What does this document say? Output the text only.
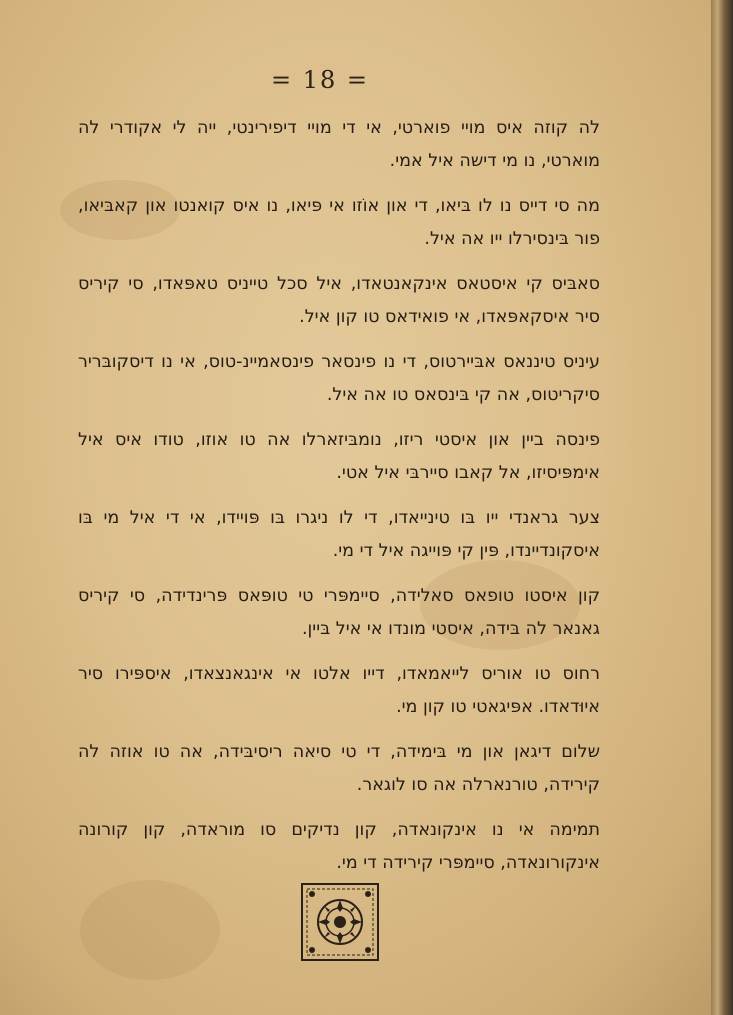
= 18 =

לה קוזה איס מויי פוארטי, אי די מויי דיפירינטי, ייה לי אקודרי לה מוארטי, נו מי דישה איל אמי.

מה סי דייס נו לו בּיאו, די און אוֹזו אי פּיאו, נו איס קואנטו און קאבּיאו, פור בּינסירלו ייו אה איל.

סאבּיס קי איסטאס אינקאנטאדו, איל סכל טייניס טאפּאדו, סי קיריס סיר איסקאפּאדו, אי פואידאס טו קון איל.

עיניס טיננאס אבּיירטוס, די נו פינסאר פינסאמיינ-טוס, אי נו דיסקובּריר סיקריטוס, אה קי בּינסאס טו אה איל.

פינסה ביין און איסטי ריזו, נומבּיזארלו אה טו אוזו, טודו איס איל אימפּיסיזו, אל קאבו סיירבּי איל אטי.

צער גראנדי ייו בּו טינייאדו, די לו ניגרו בּו פּויידו, אי די איל מי בּו איסקונדיינדו, פּין קי פּוייגה איל די מי.

קון איסטו טופאס סאלידה, סיימפּרי טי טופּאס פּרינדידה, סי קיריס גאנאר לה בּידה, איסטי מונדו אי איל בּיין.

רחוס טו אוריס לייאמאדו, דייו אלטו אי אינגאנצאדו, איספּירו סיר איוּדאדו. אפּיגאטי טו קון מי.

שלום דיגאן און מי בּימידה, די טי סיאה ריסיבּידה, אה טו אוזה לה קירידה, טורנארלה אה סו לוגאר.

תמימה אי נו אינקונאדה, קון נדיקים סו מוראדה, קון קורונה אינקורונאדה, סיימפּרי קירידה די מי.
